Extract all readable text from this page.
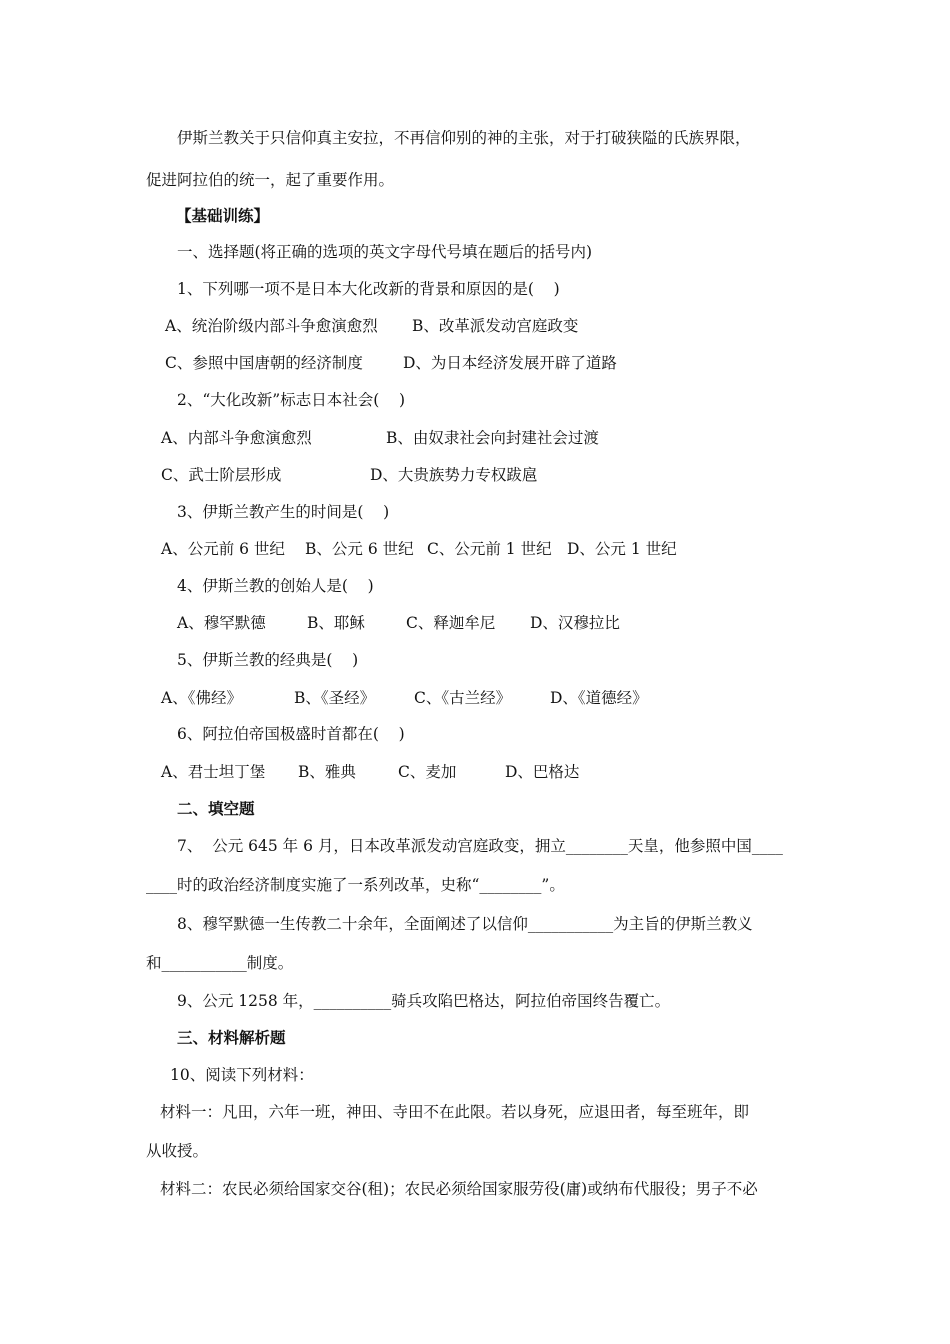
伊斯兰教关于只信仰真主安拉，不再信仰别的神的主张，对于打破狭隘的氏族界限，
促进阿拉伯的统一，起了重要作用。
【基础训练】
一、选择题(将正确的选项的英文字母代号填在题后的括号内)
1、下列哪一项不是日本大化改新的背景和原因的是(    )
A、统治阶级内部斗争愈演愈烈 B、改革派发动宫庭政变
C、参照中国唐朝的经济制度	D、为日本经济发展开辟了道路
2、“大化改新”标志日本社会(    )
A、内部斗争愈演愈烈	B、由奴隶社会向封建社会过渡
C、武士阶层形成	D、大贵族势力专权跋扈
3、伊斯兰教产生的时间是(    )
A、公元前 6 世纪 B、公元 6 世纪 C、公元前 1 世纪 D、公元 1 世纪
4、伊斯兰教的创始人是(    )
A、穆罕默德	B、耶稣	C、释迦牟尼 D、汉穆拉比
5、伊斯兰教的经典是(    )
A、《佛经》	B、《圣经》	C、《古兰经》	D、《道德经》
6、阿拉伯帝国极盛时首都在(    )
A、君士坦丁堡 B、雅典	C、麦加	D、巴格达
二、填空题
7、  公元 645 年 6 月，日本改革派发动宫庭政变，拥立________天皇，他参照中国____
____时的政治经济制度实施了一系列改革，史称“________”。
8、穆罕默德一生传教二十余年，全面阐述了以信仰___________为主旨的伊斯兰教义
和___________制度。
9、公元 1258 年，__________骑兵攻陷巴格达，阿拉伯帝国终告覆亡。
三、材料解析题
10、阅读下列材料：
材料一：凡田，六年一班，神田、寺田不在此限。若以身死，应退田者，每至班年，即
从收授。
材料二：农民必须给国家交谷(租)；农民必须给国家服劳役(庸)或纳布代服役；男子不必
